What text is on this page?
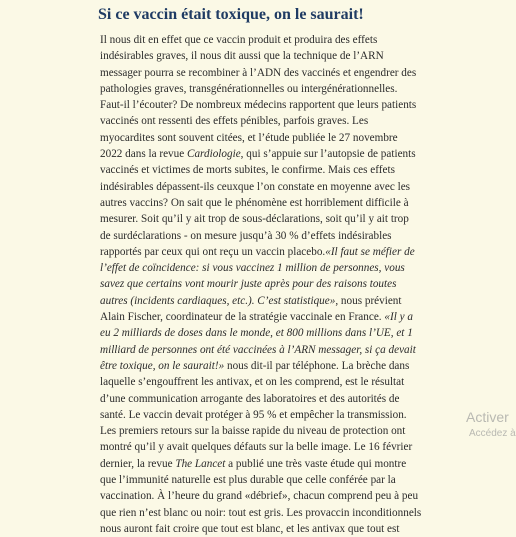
Si ce vaccin était toxique, on le saurait!

Il nous dit en effet que ce vaccin produit et produira des effets indésirables graves, il nous dit aussi que la technique de l’ARN messager pourra se recombiner à l’ADN des vaccinés et engendrer des pathologies graves, transgénérationnelles ou intergénérationnelles. Faut-il l’écouter? De nombreux médecins rapportent que leurs patients vaccinés ont ressenti des effets pénibles, parfois graves. Les myocardites sont souvent citées, et l’étude publiée le 27 novembre 2022 dans la revue Cardiologie, qui s’appuie sur l’autopsie de patients vaccinés et victimes de morts subites, le confirme. Mais ces effets indésirables dépassent-ils ceuxque l’on constate en moyenne avec les autres vaccins? On sait que le phénomène est horriblement difficile à mesurer. Soit qu’il y ait trop de sous-déclarations, soit qu’il y ait trop de surdéclarations - on mesure jusqu’à 30 % d’effets indésirables rapportés par ceux qui ont reçu un vaccin placebo.«Il faut se méfier de l’effet de coïncidence: si vous vaccinez 1 million de personnes, vous savez que certains vont mourir juste après pour des raisons toutes autres (incidents cardiaques, etc.). C’est statistique», nous prévient Alain Fischer, coordinateur de la stratégie vaccinale en France. «Il y a eu 2 milliards de doses dans le monde, et 800 millions dans l’UE, et 1 milliard de personnes ont été vaccinées à l’ARN messager, si ça devait être toxique, on le saurait!» nous dit-il par téléphone. La brèche dans laquelle s’engouffrent les antivax, et on les comprend, est le résultat d’une communication arrogante des laboratoires et des autorités de santé. Le vaccin devait protéger à 95 % et empêcher la transmission. Les premiers retours sur la baisse rapide du niveau de protection ont montré qu’il y avait quelques défauts sur la belle image. Le 16 février dernier, la revue The Lancet a publié une très vaste étude qui montre que l’immunité naturelle est plus durable que celle conférée par la vaccination. À l’heure du grand «débrief», chacun comprend peu à peu que rien n’est blanc ou noir: tout est gris. Les provaccin inconditionnels nous auront fait croire que tout est blanc, et les antivax que tout est

Activer
Accédez à
